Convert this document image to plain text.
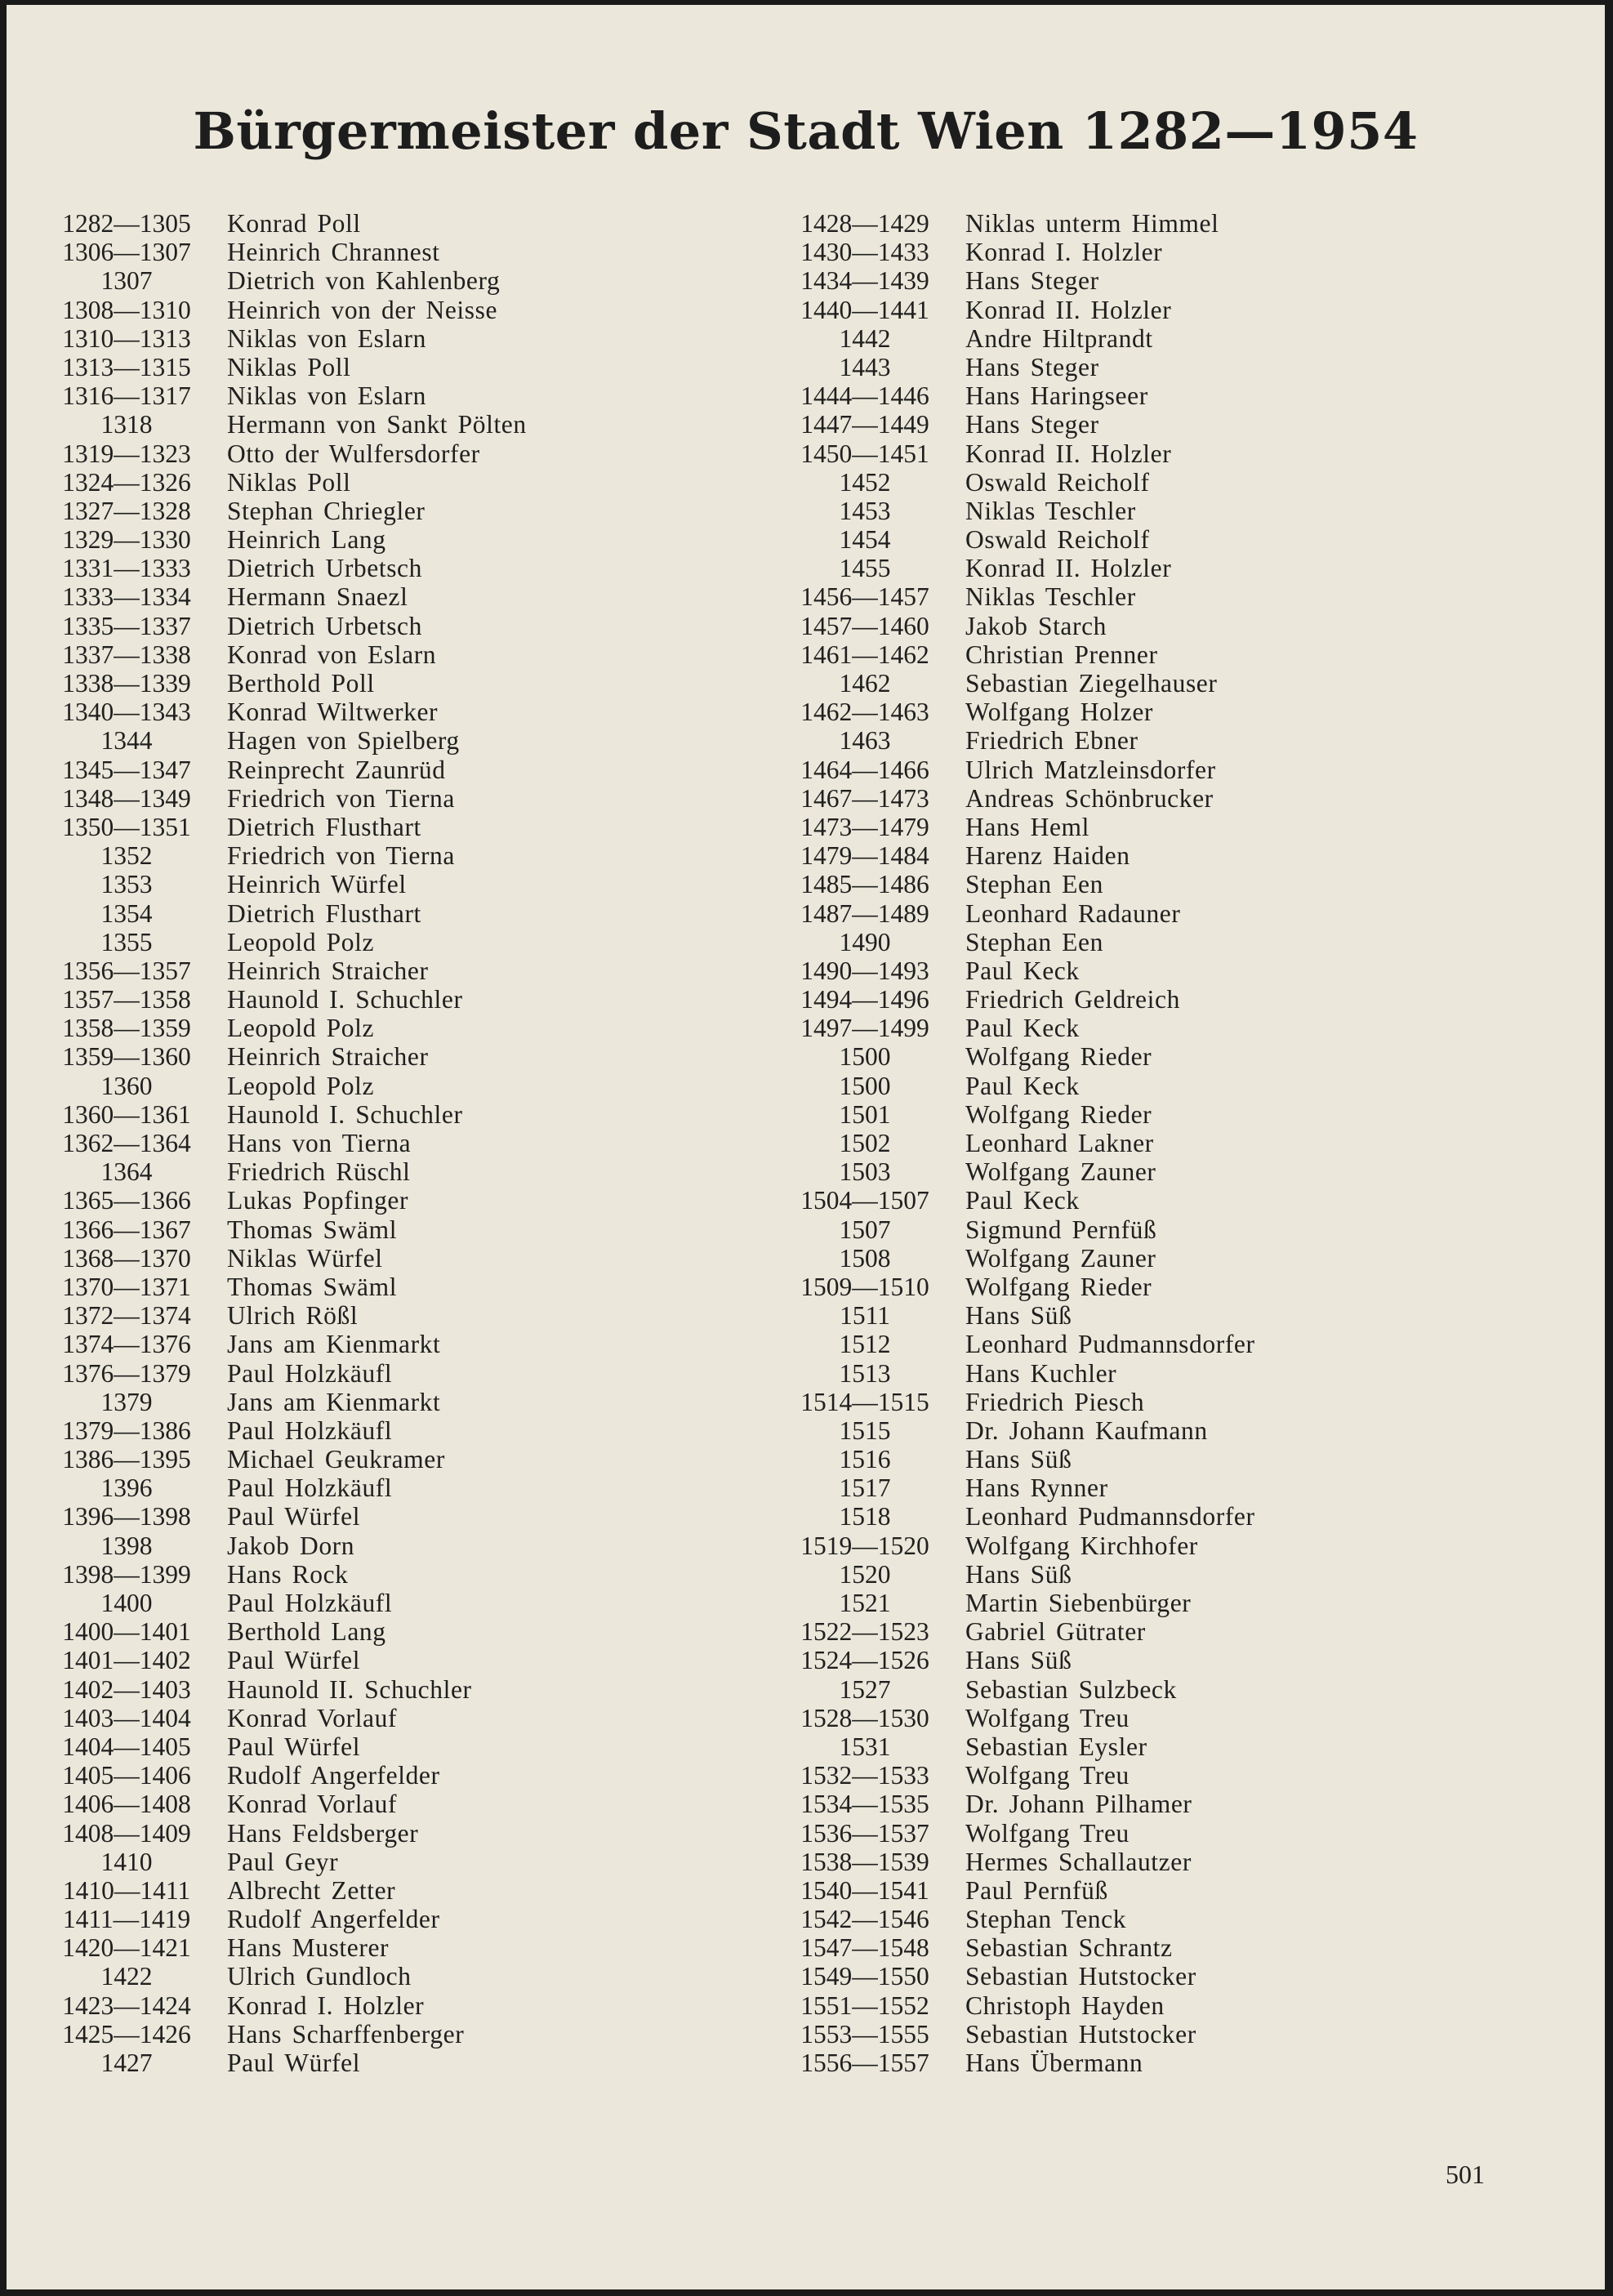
Bürgermeister der Stadt Wien 1282—1954
1282—1305	Konrad Poll
1306—1307	Heinrich Chrannest
1307	Dietrich von Kahlenberg
1308—1310	Heinrich von der Neisse
1310—1313	Niklas von Eslarn
1313—1315	Niklas Poll
1316—1317	Niklas von Eslarn
1318	Hermann von Sankt Pölten
1319—1323	Otto der Wulfersdorfer
1324—1326	Niklas Poll
1327—1328	Stephan Chriegler
1329—1330	Heinrich Lang
1331—1333	Dietrich Urbetsch
1333—1334	Hermann Snaezl
1335—1337	Dietrich Urbetsch
1337—1338	Konrad von Eslarn
1338—1339	Berthold Poll
1340—1343	Konrad Wiltwerker
1344	Hagen von Spielberg
1345—1347	Reinprecht Zaunrüd
1348—1349	Friedrich von Tierna
1350—1351	Dietrich Flusthart
1352	Friedrich von Tierna
1353	Heinrich Würfel
1354	Dietrich Flusthart
1355	Leopold Polz
1356—1357	Heinrich Straicher
1357—1358	Haunold I. Schuchler
1358—1359	Leopold Polz
1359—1360	Heinrich Straicher
1360	Leopold Polz
1360—1361	Haunold I. Schuchler
1362—1364	Hans von Tierna
1364	Friedrich Rüschl
1365—1366	Lukas Popfinger
1366—1367	Thomas Swäml
1368—1370	Niklas Würfel
1370—1371	Thomas Swäml
1372—1374	Ulrich Rößl
1374—1376	Jans am Kienmarkt
1376—1379	Paul Holzkäufl
1379	Jans am Kienmarkt
1379—1386	Paul Holzkäufl
1386—1395	Michael Geukramer
1396	Paul Holzkäufl
1396—1398	Paul Würfel
1398	Jakob Dorn
1398—1399	Hans Rock
1400	Paul Holzkäufl
1400—1401	Berthold Lang
1401—1402	Paul Würfel
1402—1403	Haunold II. Schuchler
1403—1404	Konrad Vorlauf
1404—1405	Paul Würfel
1405—1406	Rudolf Angerfelder
1406—1408	Konrad Vorlauf
1408—1409	Hans Feldsberger
1410	Paul Geyr
1410—1411	Albrecht Zetter
1411—1419	Rudolf Angerfelder
1420—1421	Hans Musterer
1422	Ulrich Gundloch
1423—1424	Konrad I. Holzler
1425—1426	Hans Scharffenberger
1427	Paul Würfel
1428—1429	Niklas unterm Himmel
1430—1433	Konrad I. Holzler
1434—1439	Hans Steger
1440—1441	Konrad II. Holzler
1442	Andre Hiltprandt
1443	Hans Steger
1444—1446	Hans Haringseer
1447—1449	Hans Steger
1450—1451	Konrad II. Holzler
1452	Oswald Reicholf
1453	Niklas Teschler
1454	Oswald Reicholf
1455	Konrad II. Holzler
1456—1457	Niklas Teschler
1457—1460	Jakob Starch
1461—1462	Christian Prenner
1462	Sebastian Ziegelhauser
1462—1463	Wolfgang Holzer
1463	Friedrich Ebner
1464—1466	Ulrich Matzleinsdorfer
1467—1473	Andreas Schönbrucker
1473—1479	Hans Heml
1479—1484	Harenz Haiden
1485—1486	Stephan Een
1487—1489	Leonhard Radauner
1490	Stephan Een
1490—1493	Paul Keck
1494—1496	Friedrich Geldreich
1497—1499	Paul Keck
1500	Wolfgang Rieder
1500	Paul Keck
1501	Wolfgang Rieder
1502	Leonhard Lakner
1503	Wolfgang Zauner
1504—1507	Paul Keck
1507	Sigmund Pernfüß
1508	Wolfgang Zauner
1509—1510	Wolfgang Rieder
1511	Hans Süß
1512	Leonhard Pudmannsdorfer
1513	Hans Kuchler
1514—1515	Friedrich Piesch
1515	Dr. Johann Kaufmann
1516	Hans Süß
1517	Hans Rynner
1518	Leonhard Pudmannsdorfer
1519—1520	Wolfgang Kirchhofer
1520	Hans Süß
1521	Martin Siebenbürger
1522—1523	Gabriel Gütrater
1524—1526	Hans Süß
1527	Sebastian Sulzbeck
1528—1530	Wolfgang Treu
1531	Sebastian Eysler
1532—1533	Wolfgang Treu
1534—1535	Dr. Johann Pilhamer
1536—1537	Wolfgang Treu
1538—1539	Hermes Schallautzer
1540—1541	Paul Pernfüß
1542—1546	Stephan Tenck
1547—1548	Sebastian Schrantz
1549—1550	Sebastian Hutstocker
1551—1552	Christoph Hayden
1553—1555	Sebastian Hutstocker
1556—1557	Hans Übermann
501
